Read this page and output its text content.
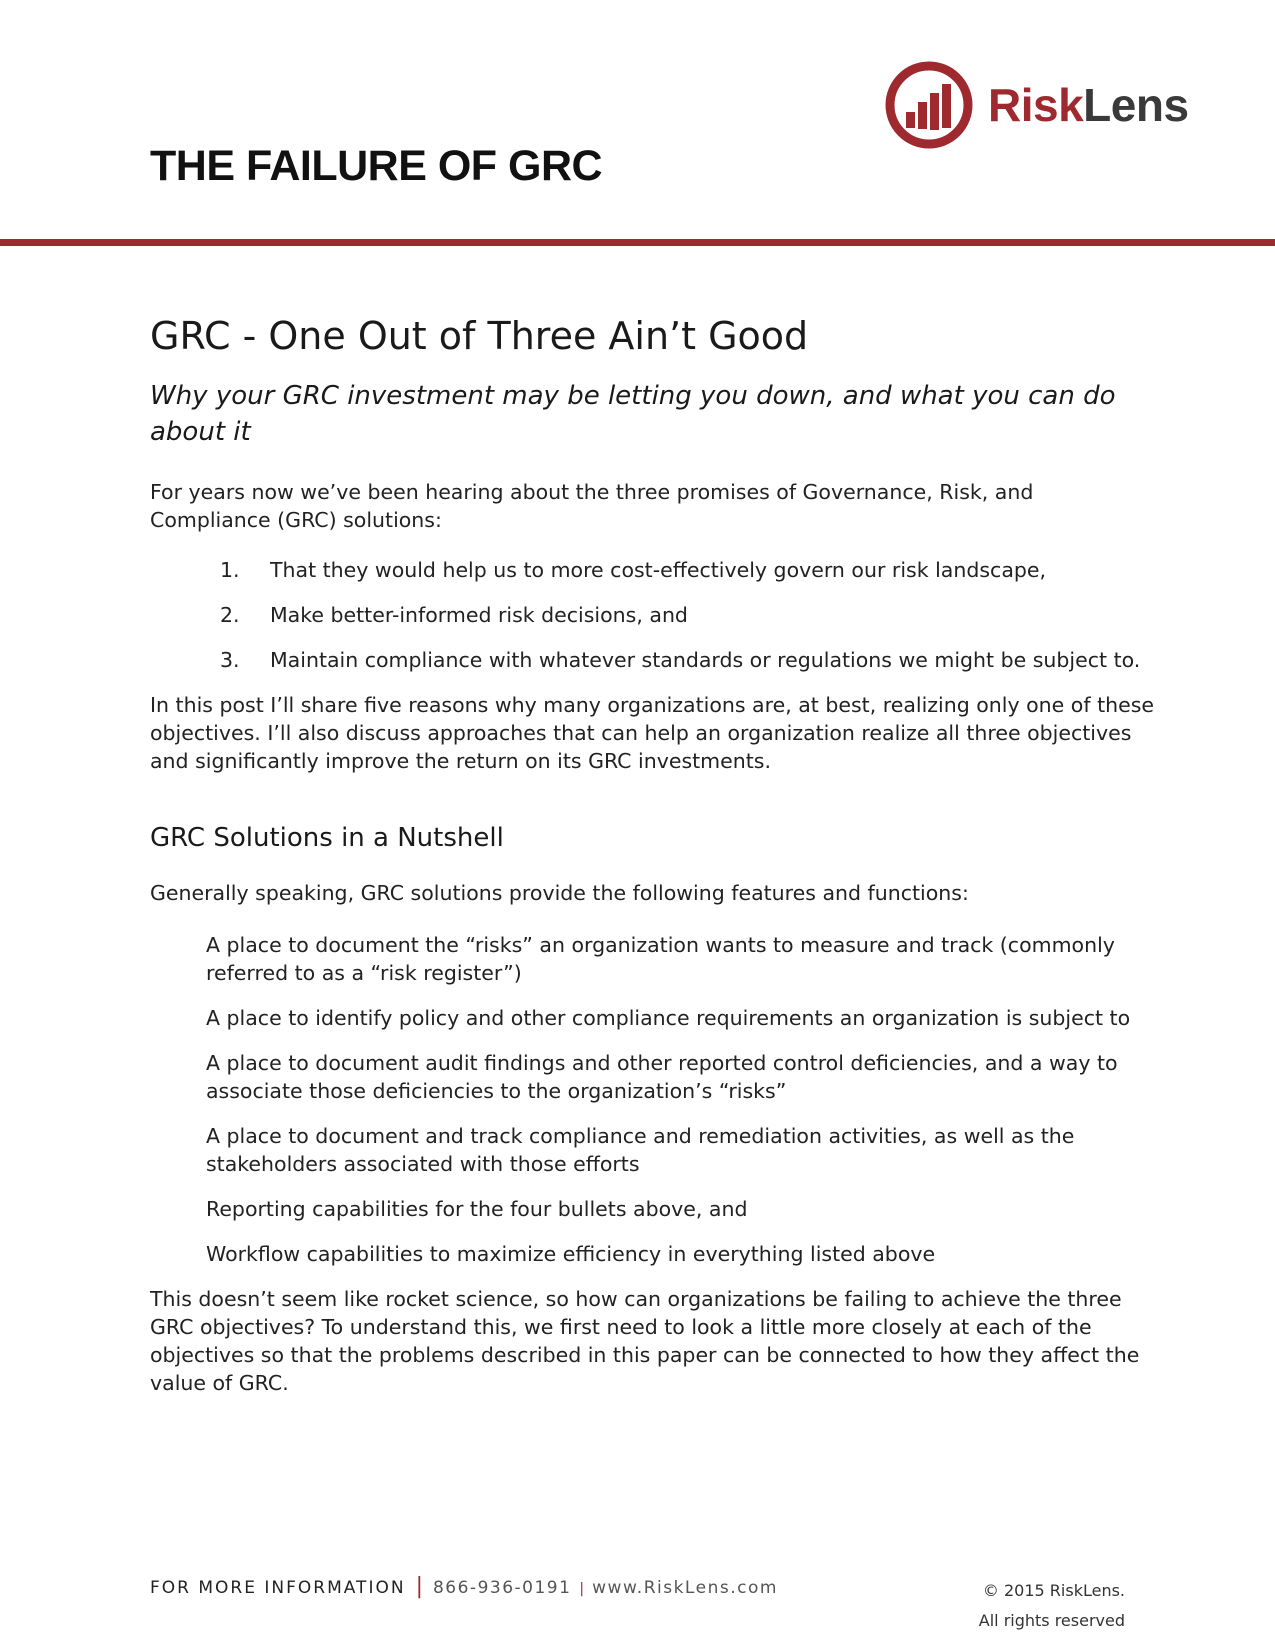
RiskLens
THE FAILURE OF GRC
GRC - One Out of Three Ain’t Good
Why your GRC investment may be letting you down, and what you can do about it

For years now we’ve been hearing about the three promises of Governance, Risk, and Compliance (GRC) solutions:

1.	That they would help us to more cost-effectively govern our risk landscape,
2.	Make better-informed risk decisions, and
3.	Maintain compliance with whatever standards or regulations we might be subject to.

In this post I’ll share five reasons why many organizations are, at best, realizing only one of these objectives. I’ll also discuss approaches that can help an organization realize all three objectives and significantly improve the return on its GRC investments.

GRC Solutions in a Nutshell

Generally speaking, GRC solutions provide the following features and functions:

A place to document the “risks” an organization wants to measure and track (commonly referred to as a “risk register”)
A place to identify policy and other compliance requirements an organization is subject to
A place to document audit findings and other reported control deficiencies, and a way to associate those deficiencies to the organization’s “risks”
A place to document and track compliance and remediation activities, as well as the stakeholders associated with those efforts
Reporting capabilities for the four bullets above, and
Workflow capabilities to maximize efficiency in everything listed above

This doesn’t seem like rocket science, so how can organizations be failing to achieve the three GRC objectives? To understand this, we first need to look a little more closely at each of the objectives so that the problems described in this paper can be connected to how they affect the value of GRC.

FOR MORE INFORMATION | 866-936-0191 | www.RiskLens.com	© 2015 RiskLens.
All rights reserved
